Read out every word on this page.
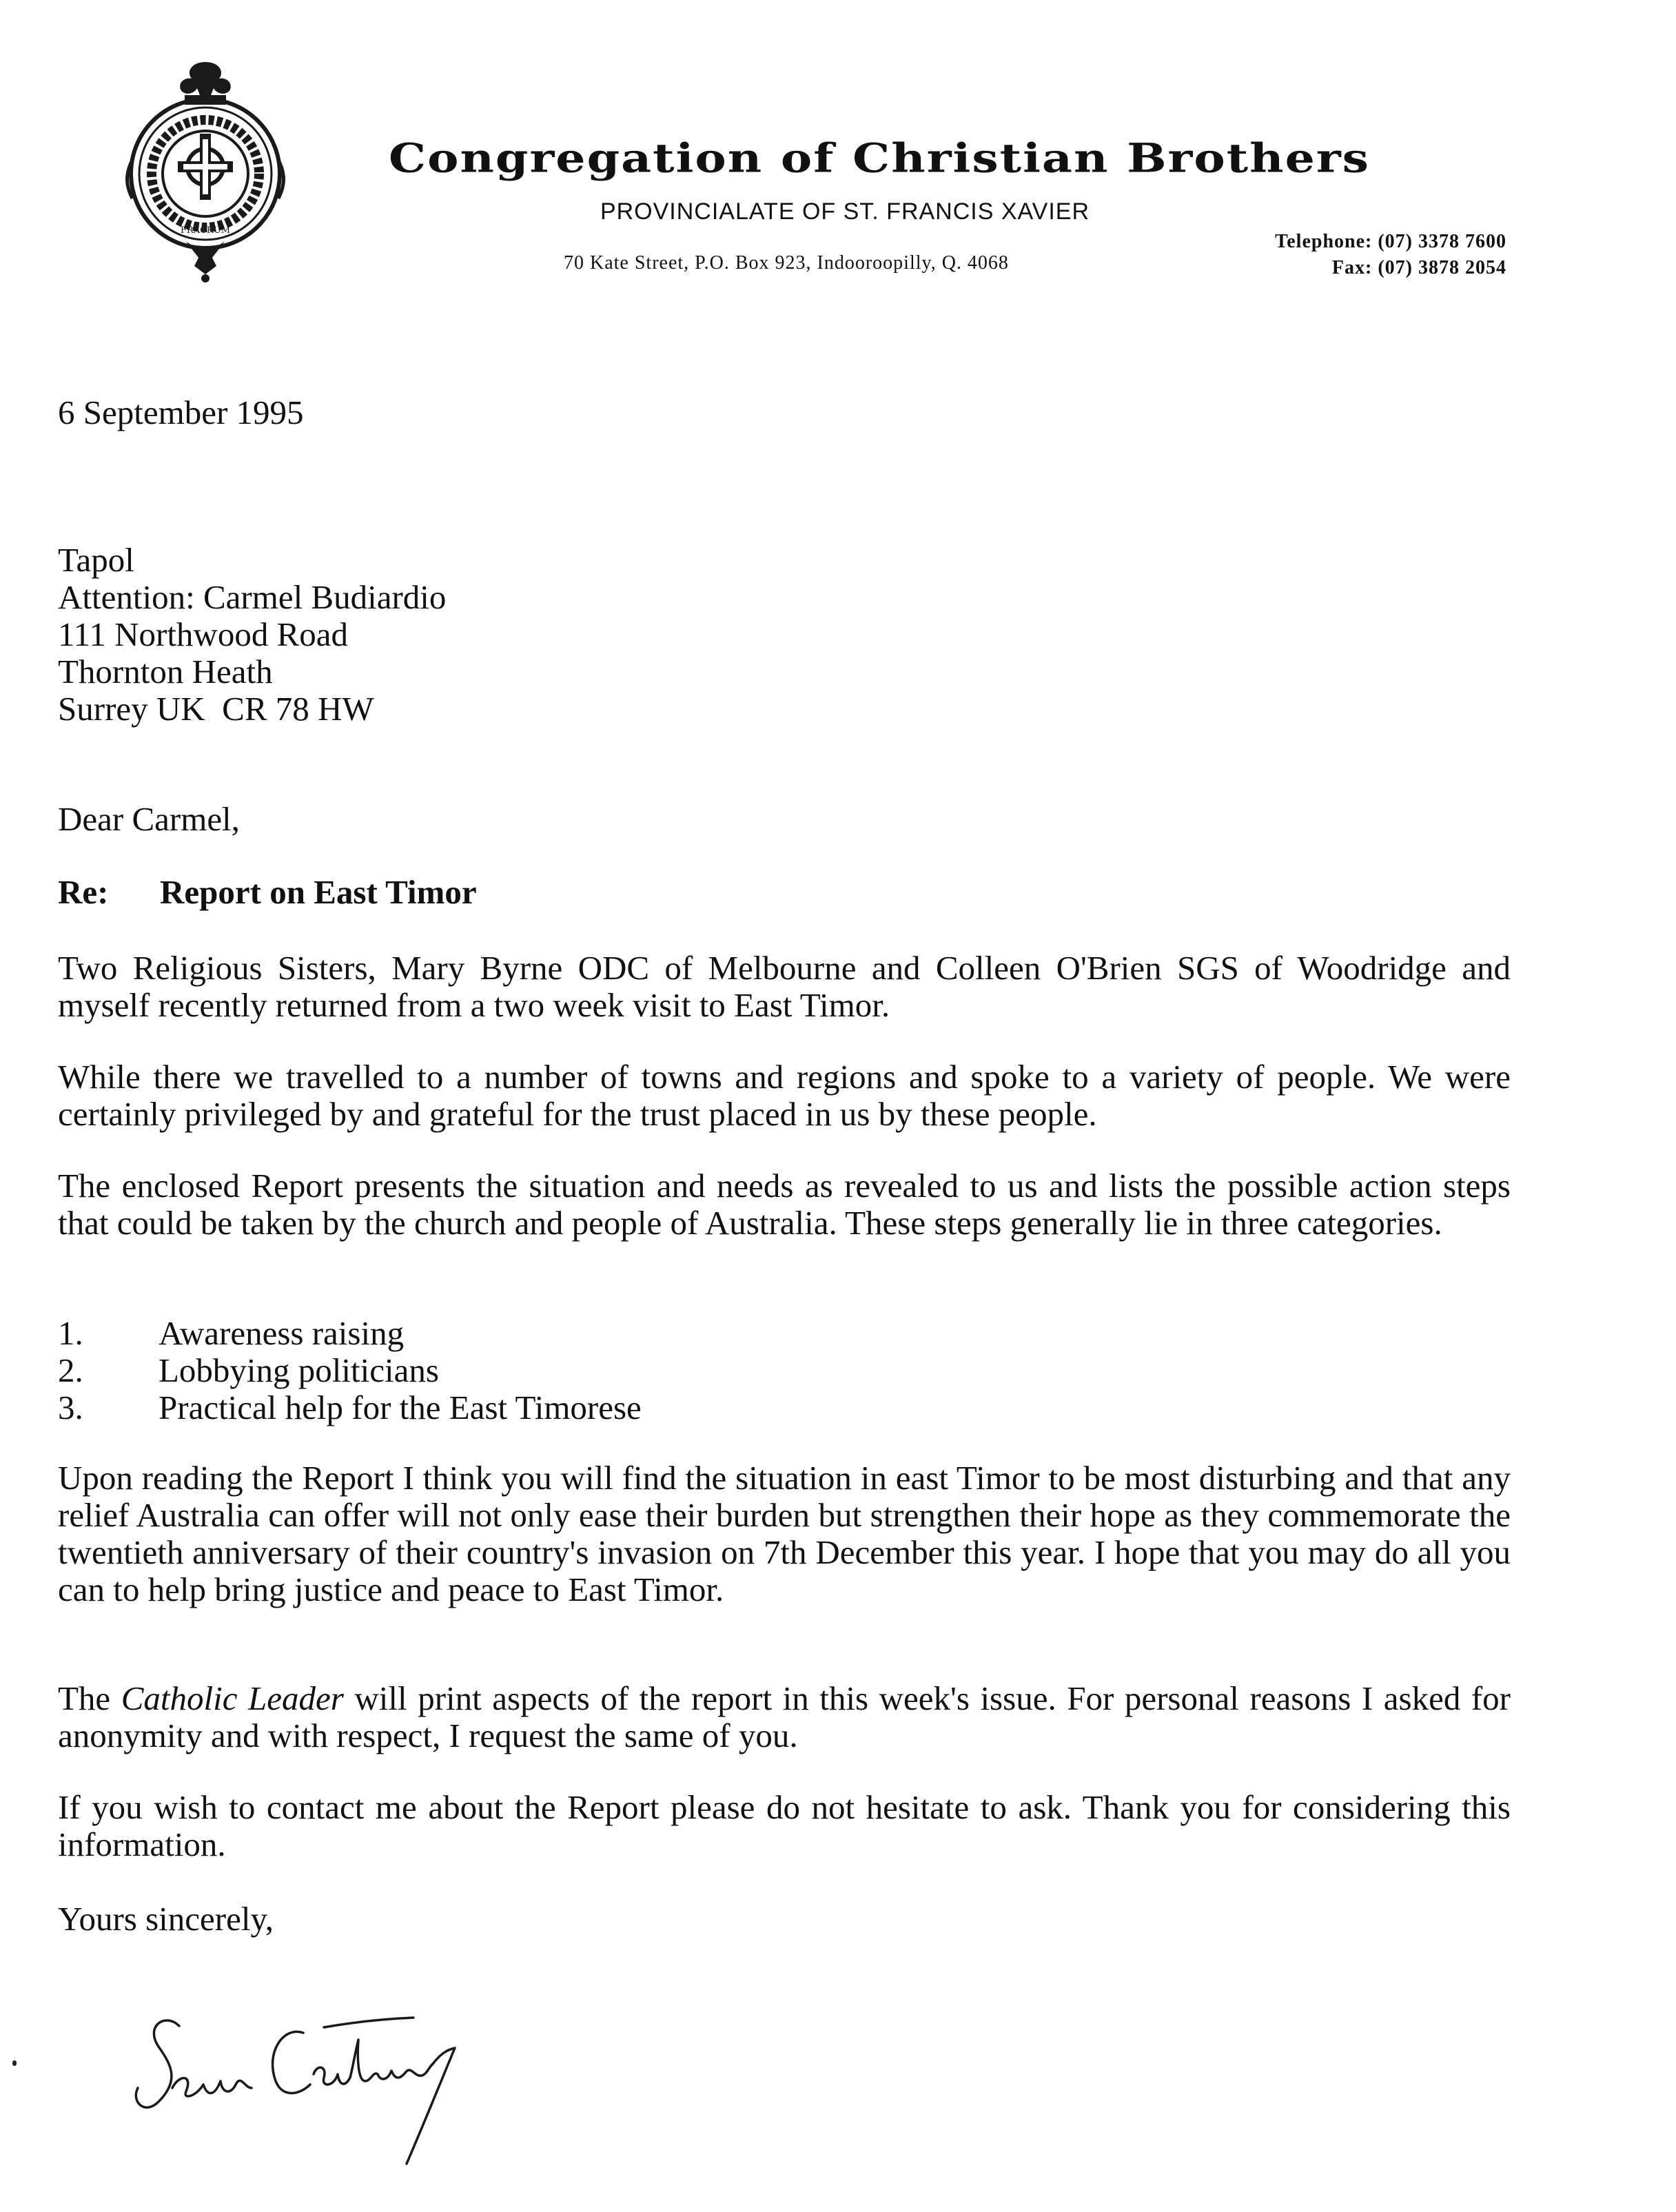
FRACRUM
Congregation of Christian Brothers
PROVINCIALATE OF ST. FRANCIS XAVIER
70 Kate Street, P.O. Box 923, Indooroopilly, Q. 4068
Telephone: (07) 3378 7600
Fax: (07) 3878 2054
6 September 1995
Tapol
Attention: Carmel Budiardio
111 Northwood Road
Thornton Heath
Surrey UK  CR 78 HW
Dear Carmel,
Re: Report on East Timor
Two Religious Sisters, Mary Byrne ODC of Melbourne and Colleen O'Brien SGS of Woodridge and myself recently returned from a two week visit to East Timor.
While there we travelled to a number of towns and regions and spoke to a variety of people. We were certainly privileged by and grateful for the trust placed in us by these people.
The enclosed Report presents the situation and needs as revealed to us and lists the possible action steps that could be taken by the church and people of Australia. These steps generally lie in three categories.
1. Awareness raising
2. Lobbying politicians
3. Practical help for the East Timorese
Upon reading the Report I think you will find the situation in east Timor to be most disturbing and that any relief Australia can offer will not only ease their burden but strengthen their hope as they commemorate the twentieth anniversary of their country's invasion on 7th December this year. I hope that you may do all you can to help bring justice and peace to East Timor.
The Catholic Leader will print aspects of the report in this week's issue. For personal reasons I asked for anonymity and with respect, I request the same of you.
If you wish to contact me about the Report please do not hesitate to ask. Thank you for considering this information.
Yours sincerely,
